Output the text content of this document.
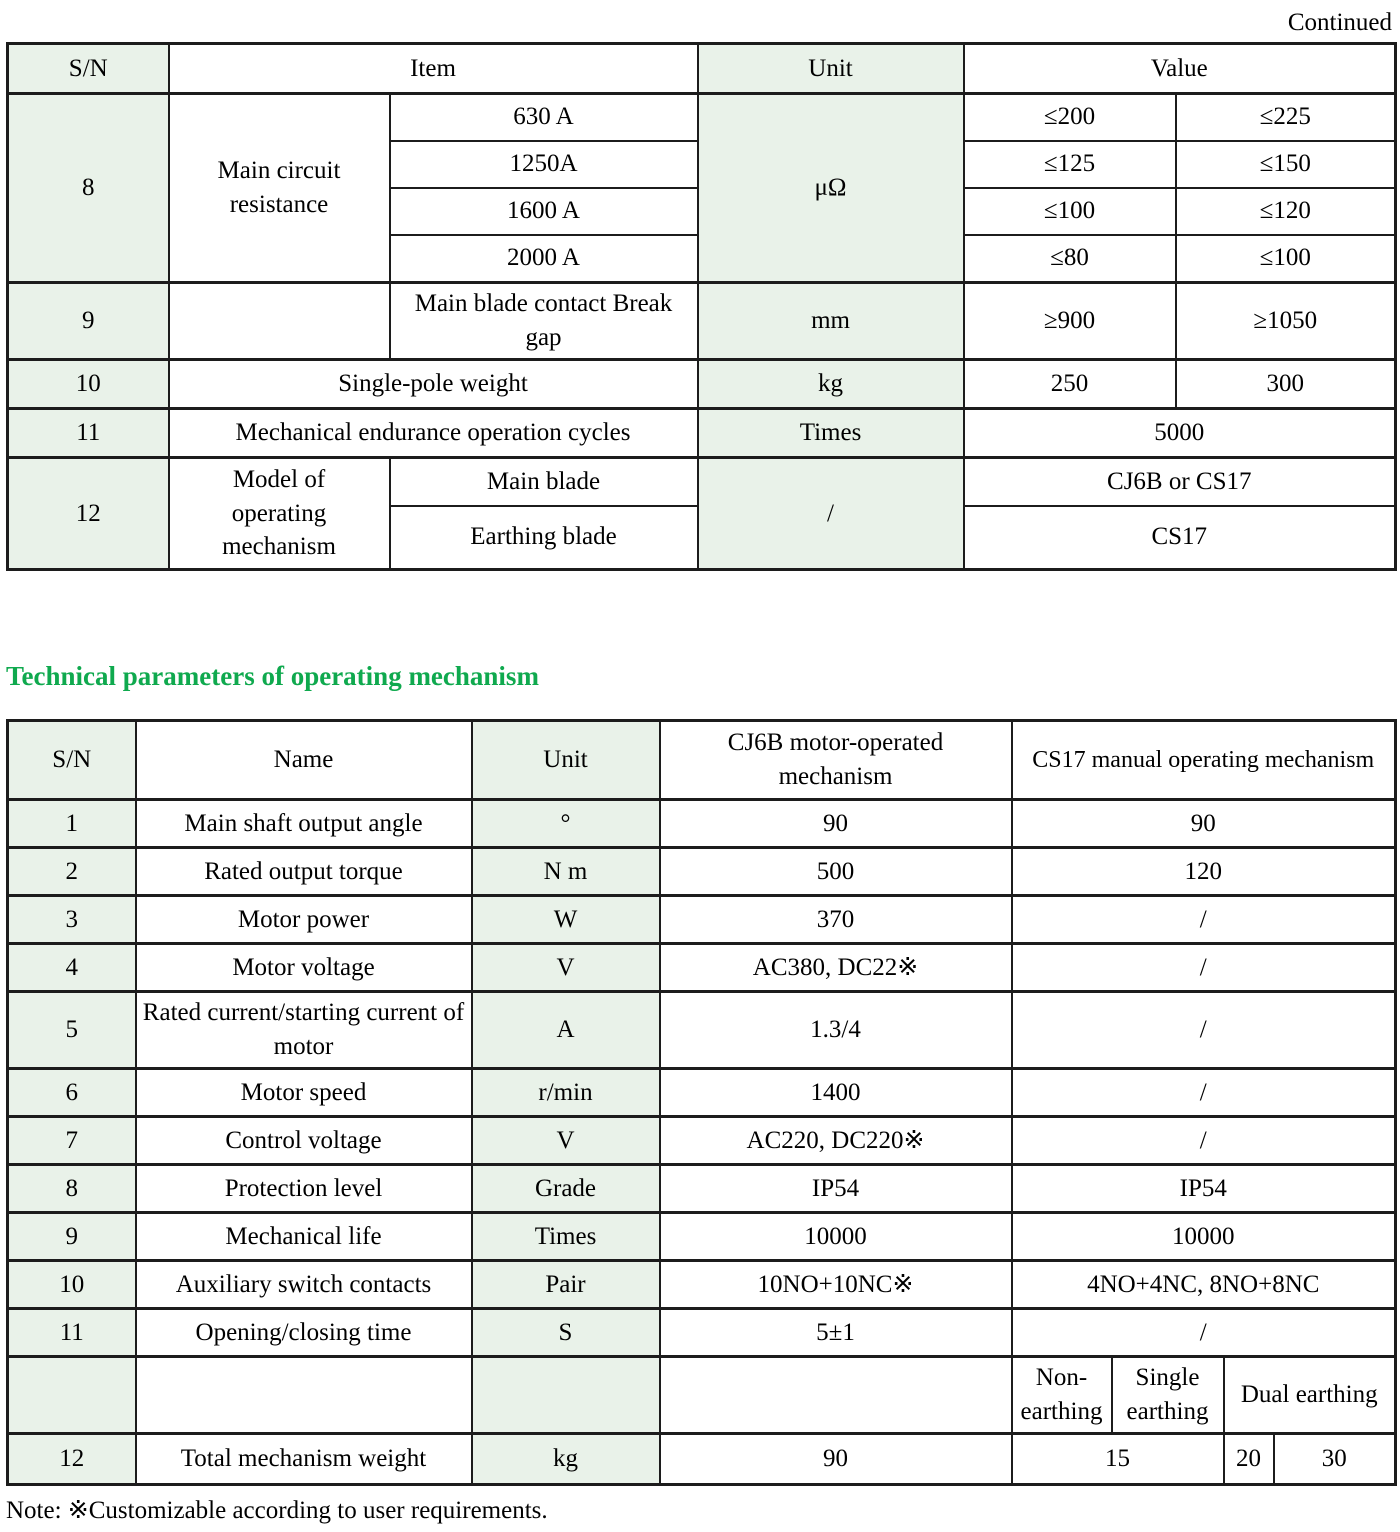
Continued
S/N	Item		Unit	Value	
8	Main circuit resistance	630 A	μΩ	≤200	≤225
		1250A		≤125	≤150
		1600 A		≤100	≤120
		2000 A		≤80	≤100
9		Main blade contact Break gap	mm	≥900	≥1050
10	Single-pole weight		kg	250	300
11	Mechanical endurance operation cycles		Times	5000	
12	Model of operating mechanism	Main blade	/	CJ6B or CS17	
		Earthing blade		CS17	
Technical parameters of operating mechanism
S/N	Name	Unit	CJ6B motor-operated mechanism	CS17 manual operating mechanism			
1	Main shaft output angle	°	90	90			
2	Rated output torque	N m	500	120			
3	Motor power	W	370	/			
4	Motor voltage	V	AC380, DC22※	/			
5	Rated current/starting current of motor	A	1.3/4	/			
6	Motor speed	r/min	1400	/			
7	Control voltage	V	AC220, DC220※	/			
8	Protection level	Grade	IP54	IP54			
9	Mechanical life	Times	10000	10000			
10	Auxiliary switch contacts	Pair	10NO+10NC※	4NO+4NC, 8NO+8NC			
11	Opening/closing time	S	5±1	/			
				Non-earthing	Single earthing	Dual earthing	
12	Total mechanism weight	kg	90	15		20	30
Note: ※Customizable according to user requirements.
